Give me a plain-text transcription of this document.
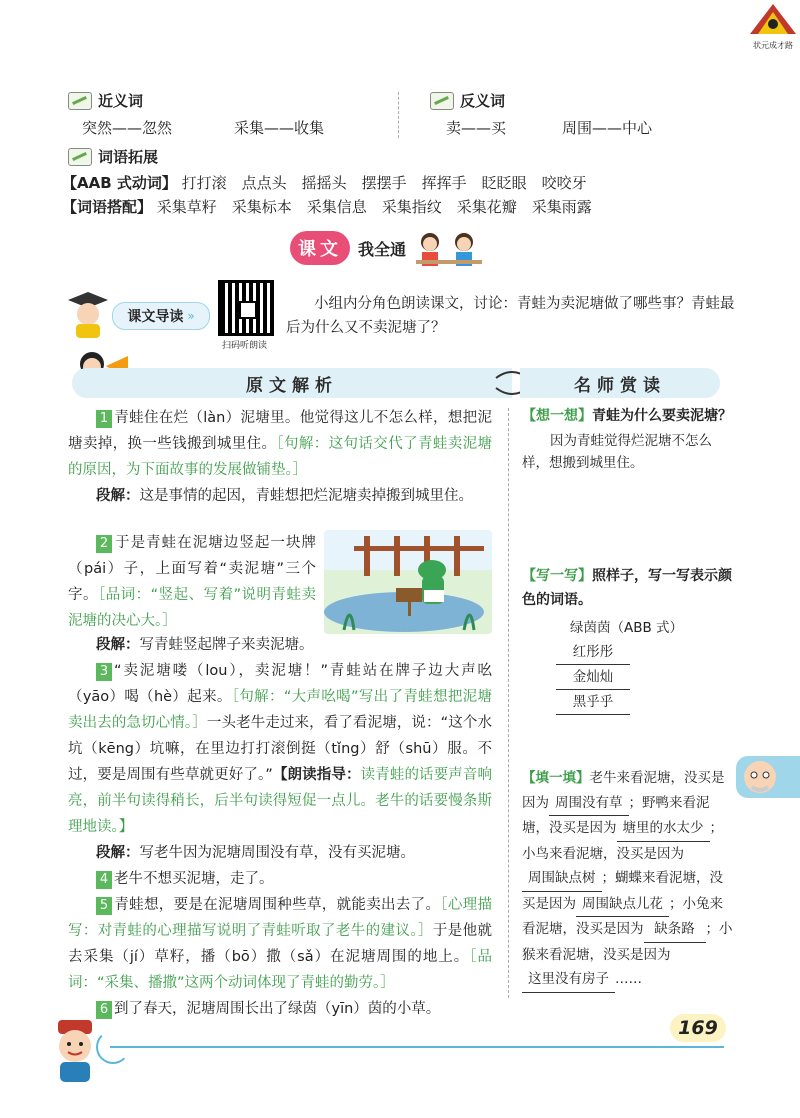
状元成才路
近义词
突然——忽然	采集——收集
反义词
卖——买	周围——中心
词语拓展
【AAB 式动词】 打打滚　点点头　摇摇头　摆摆手　挥挥手　眨眨眼　咬咬牙
【词语搭配】 采集草籽　采集标本　采集信息　采集指纹　采集花瓣　采集雨露
课文	我全通
课文导读 »
扫码听朗读
小组内分角色朗读课文，讨论：青蛙为卖泥塘做了哪些事？青蛙最后为什么又不卖泥塘了？
原文解析	名师赏读
1 青蛙住在烂（làn）泥塘里。他觉得这儿不怎么样，想把泥塘卖掉，换一些钱搬到城里住。［句解：这句话交代了青蛙卖泥塘的原因，为下面故事的发展做铺垫。］
段解：这是事情的起因，青蛙想把烂泥塘卖掉搬到城里住。
2 于是青蛙在泥塘边竖起一块牌（pái）子，上面写着“卖泥塘”三个字。［品词：“竖起、写着”说明青蛙卖泥塘的决心大。］
段解：写青蛙竖起牌子来卖泥塘。
3 “卖泥塘喽（lou），卖泥塘！”青蛙站在牌子边大声吆（yāo）喝（hè）起来。［句解：“大声吆喝”写出了青蛙想把泥塘卖出去的急切心情。］一头老牛走过来，看了看泥塘，说：“这个水坑（kēng）坑嘛，在里边打打滚倒挺（tǐng）舒（shū）服。不过，要是周围有些草就更好了。”【朗读指导：读青蛙的话要声音响亮，前半句读得稍长，后半句读得短促一点儿。老牛的话要慢条斯理地读。】
段解：写老牛因为泥塘周围没有草，没有买泥塘。
4 老牛不想买泥塘，走了。
5 青蛙想，要是在泥塘周围种些草，就能卖出去了。［心理描写：对青蛙的心理描写说明了青蛙听取了老牛的建议。］于是他就去采集（jí）草籽，播（bō）撒（sǎ）在泥塘周围的地上。［品词：“采集、播撒”这两个动词体现了青蛙的勤劳。］
6 到了春天，泥塘周围长出了绿茵（yīn）茵的小草。
【想一想】青蛙为什么要卖泥塘？
因为青蛙觉得烂泥塘不怎么样，想搬到城里住。
【写一写】照样子，写一写表示颜色的词语。
绿茵茵（ABB 式）
红彤彤
金灿灿
黑乎乎
【填一填】老牛来看泥塘，没买是因为 周围没有草 ；野鸭来看泥塘，没买是因为 塘里的水太少 ；小鸟来看泥塘，没买是因为周围缺点树 ；蝴蝶来看泥塘，没买是因为 周围缺点儿花 ；小兔来看泥塘，没买是因为 缺条路 ；小猴来看泥塘，没买是因为这里没有房子 ……
169
